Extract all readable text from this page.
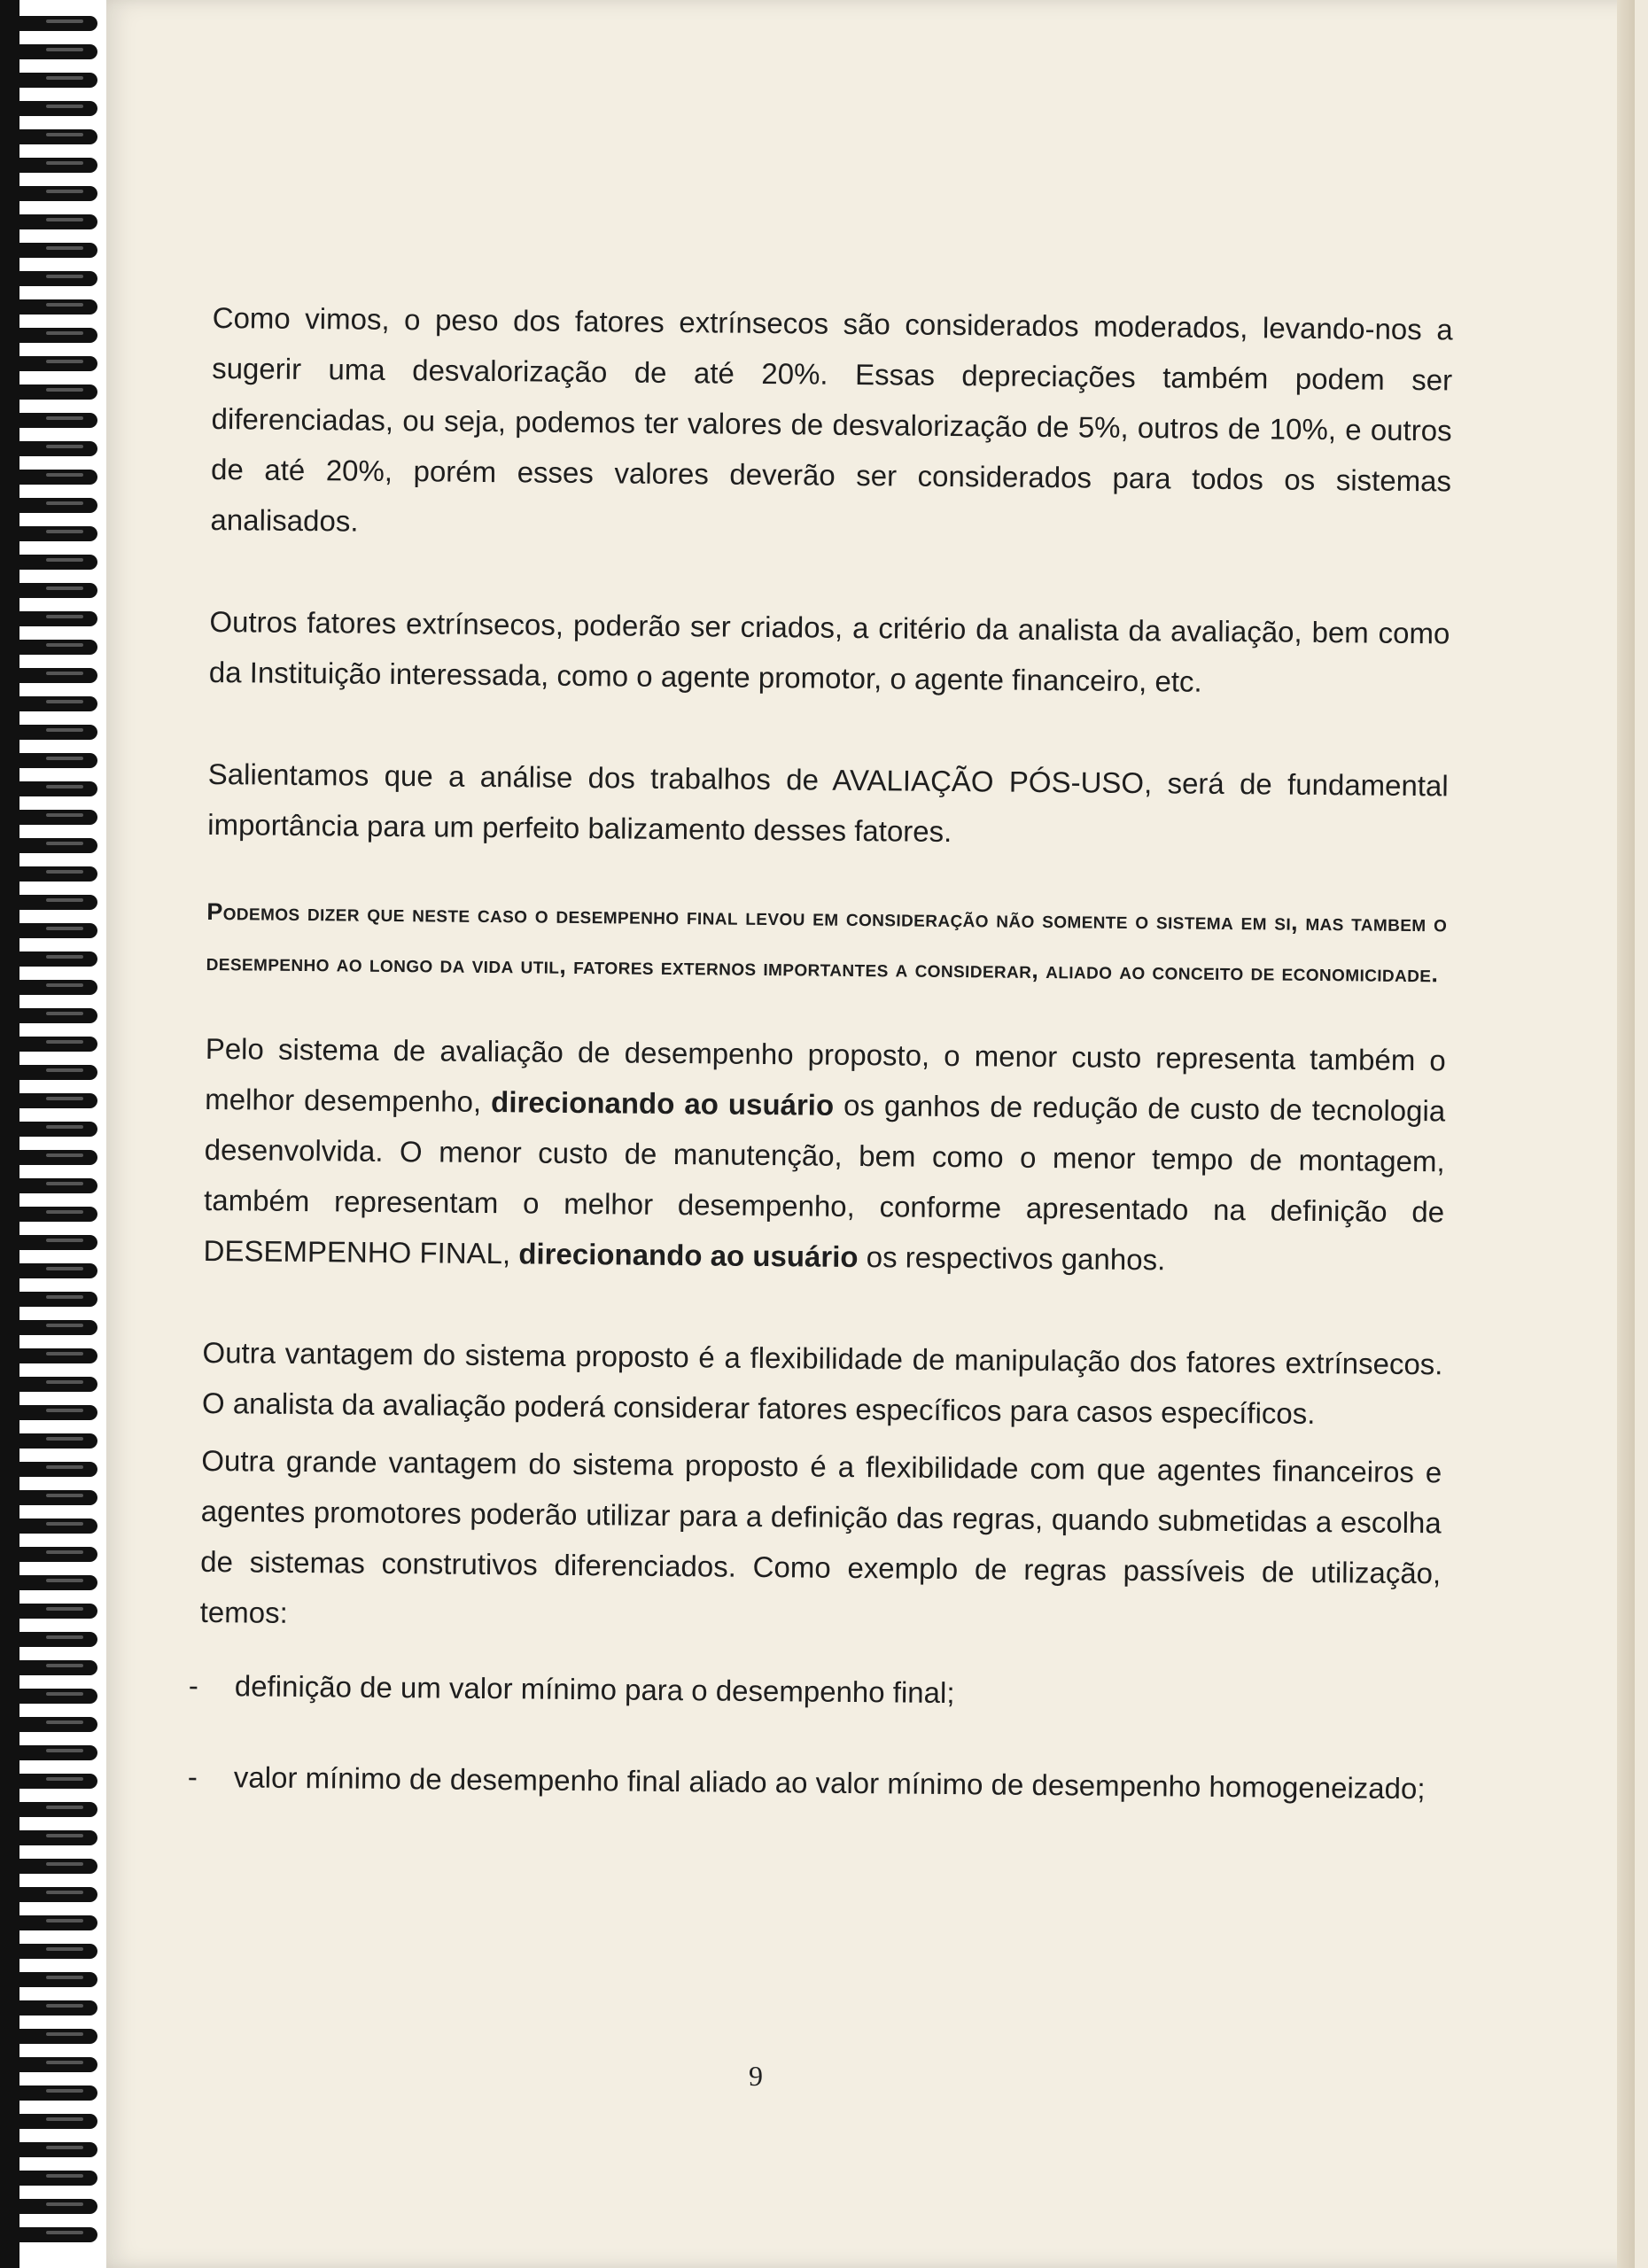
Como vimos, o peso dos fatores extrínsecos são considerados moderados, levando-nos a sugerir uma desvalorização de até 20%. Essas depreciações também podem ser diferenciadas, ou seja, podemos ter valores de desvalorização de 5%, outros de 10%, e outros de até 20%, porém esses valores deverão ser considerados para todos os sistemas analisados.

Outros fatores extrínsecos, poderão ser criados, a critério da analista da avaliação, bem como da Instituição interessada, como o agente promotor, o agente financeiro, etc.

Salientamos que a análise dos trabalhos de AVALIAÇÃO PÓS-USO, será de fundamental importância para um perfeito balizamento desses fatores.

Podemos dizer que neste caso o desempenho final levou em consideração não somente o sistema em si, mas tambem o desempenho ao longo da vida util, fatores externos importantes a considerar, aliado ao conceito de economicidade.

Pelo sistema de avaliação de desempenho proposto, o menor custo representa também o melhor desempenho, direcionando ao usuário os ganhos de redução de custo de tecnologia desenvolvida. O menor custo de manutenção, bem como o menor tempo de montagem, também representam o melhor desempenho, conforme apresentado na definição de DESEMPENHO FINAL, direcionando ao usuário os respectivos ganhos.

Outra vantagem do sistema proposto é a flexibilidade de manipulação dos fatores extrínsecos. O analista da avaliação poderá considerar fatores específicos para casos específicos.

Outra grande vantagem do sistema proposto é a flexibilidade com que agentes financeiros e agentes promotores poderão utilizar para a definição das regras, quando submetidas a escolha de sistemas construtivos diferenciados. Como exemplo de regras passíveis de utilização, temos:

- definição de um valor mínimo para o desempenho final;
- valor mínimo de desempenho final aliado ao valor mínimo de desempenho homogeneizado;
9
